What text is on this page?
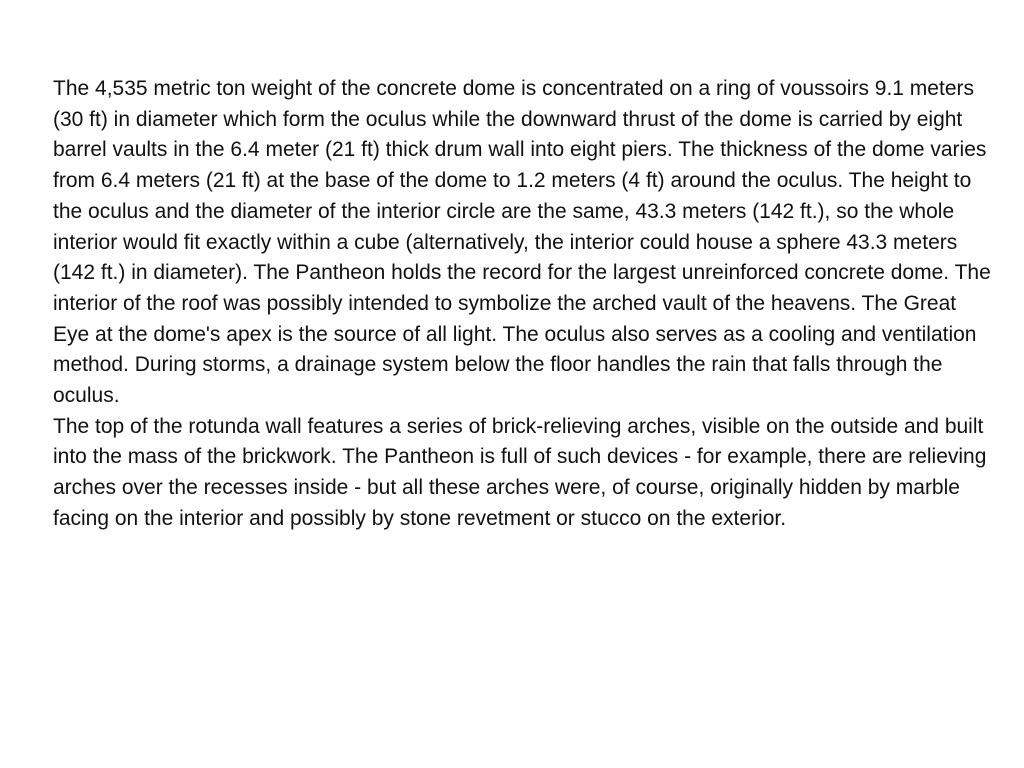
The 4,535 metric ton weight of the concrete dome is concentrated on a ring of voussoirs 9.1 meters (30 ft) in diameter which form the oculus while the downward thrust of the dome is carried by eight barrel vaults in the 6.4 meter (21 ft) thick drum wall into eight piers. The thickness of the dome varies from 6.4 meters (21 ft) at the base of the dome to 1.2 meters (4 ft) around the oculus. The height to the oculus and the diameter of the interior circle are the same, 43.3 meters (142 ft.), so the whole interior would fit exactly within a cube (alternatively, the interior could house a sphere 43.3 meters (142 ft.) in diameter). The Pantheon holds the record for the largest unreinforced concrete dome. The interior of the roof was possibly intended to symbolize the arched vault of the heavens. The Great Eye at the dome's apex is the source of all light. The oculus also serves as a cooling and ventilation method. During storms, a drainage system below the floor handles the rain that falls through the oculus.

The top of the rotunda wall features a series of brick-relieving arches, visible on the outside and built into the mass of the brickwork. The Pantheon is full of such devices - for example, there are relieving arches over the recesses inside - but all these arches were, of course, originally hidden by marble facing on the interior and possibly by stone revetment or stucco on the exterior.
